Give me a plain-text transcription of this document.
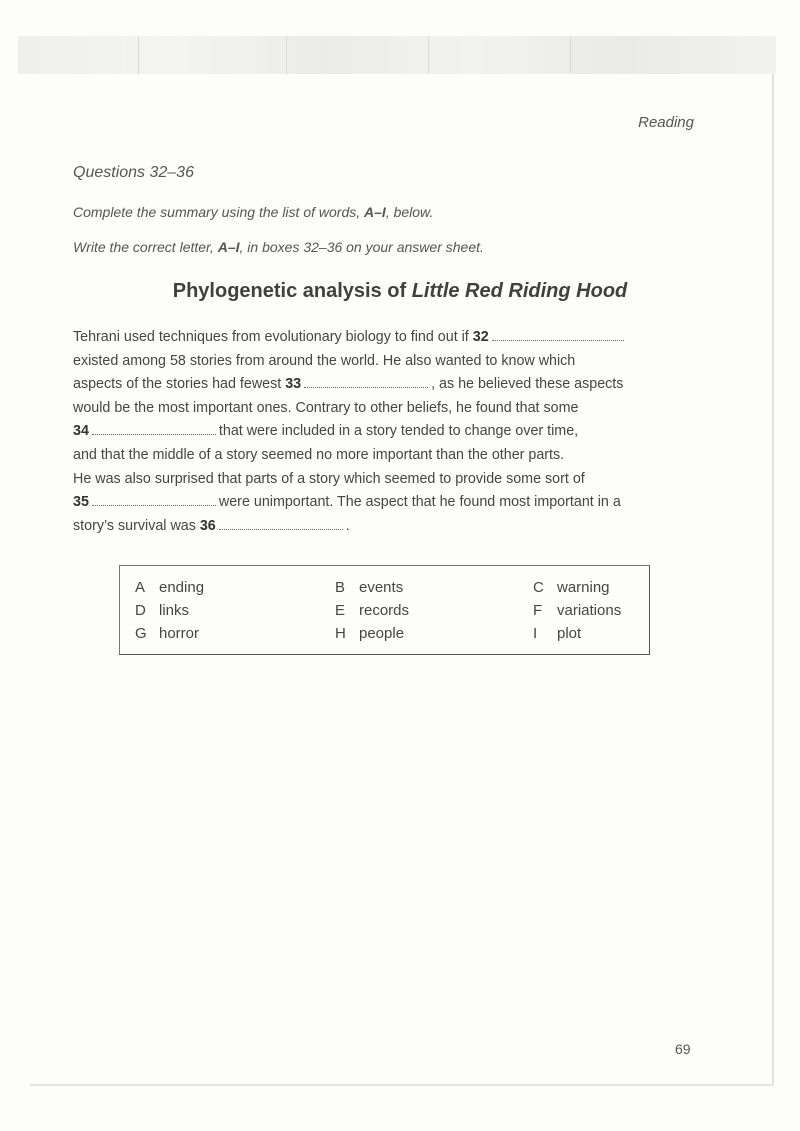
Reading
Questions 32–36
Complete the summary using the list of words, A–I, below.
Write the correct letter, A–I, in boxes 32–36 on your answer sheet.
Phylogenetic analysis of Little Red Riding Hood
Tehrani used techniques from evolutionary biology to find out if 32
existed among 58 stories from around the world. He also wanted to know which
aspects of the stories had fewest 33	, as he believed these aspects
would be the most important ones. Contrary to other beliefs, he found that some
34	that were included in a story tended to change over time,
and that the middle of a story seemed no more important than the other parts.
He was also surprised that parts of a story which seemed to provide some sort of
35	were unimportant. The aspect that he found most important in a
story’s survival was 36	.
A ending	B events	C warning
D links	E records	F variations
G horror	H people	I plot
69
